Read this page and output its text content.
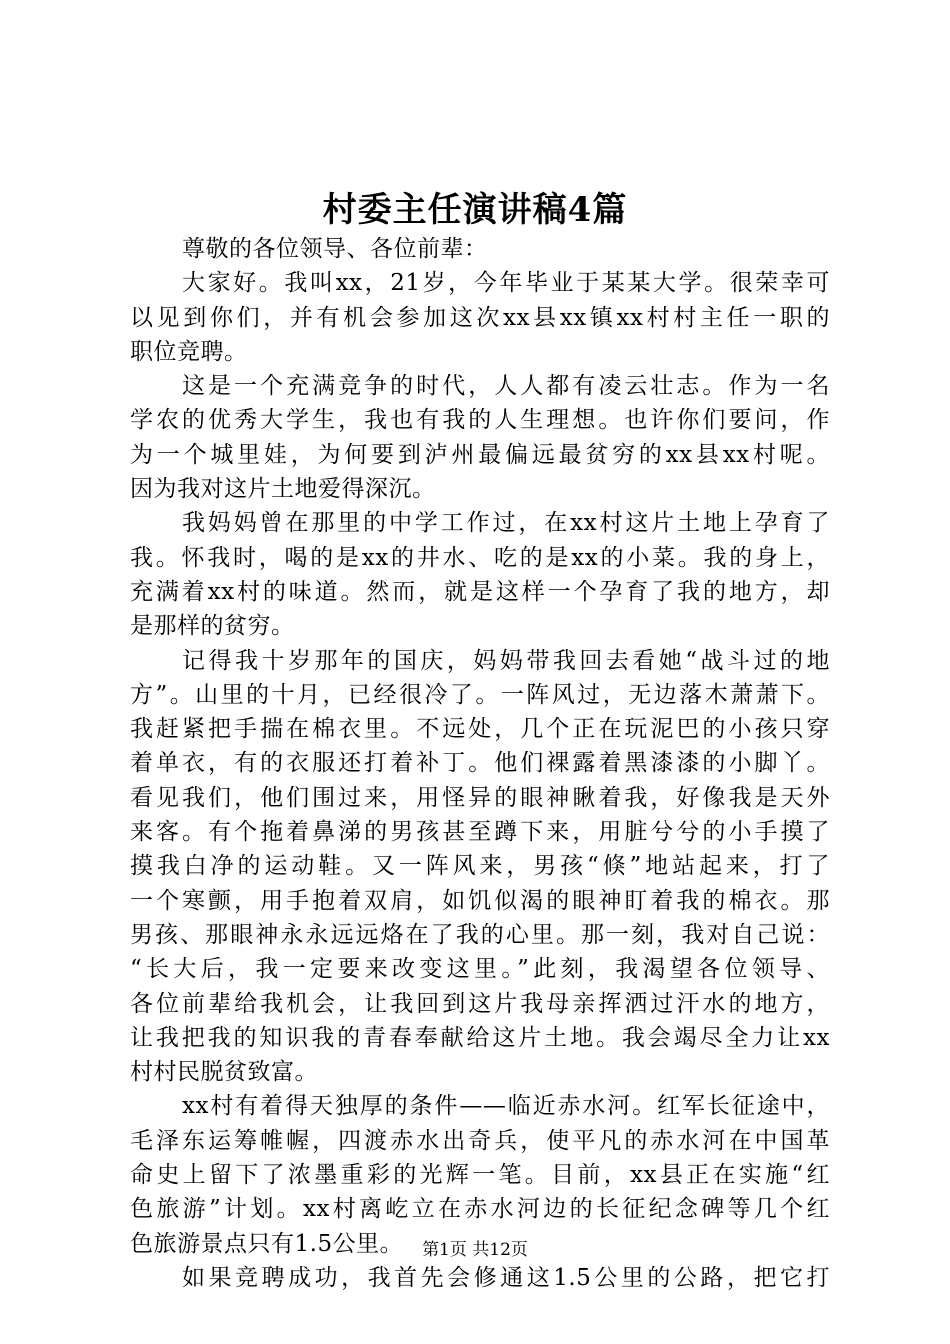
村委主任演讲稿4篇
尊敬的各位领导、各位前辈：
大家好。我叫xx，21岁，今年毕业于某某大学。很荣幸可
以见到你们，并有机会参加这次xx县xx镇xx村村主任一职的
职位竞聘。
这是一个充满竞争的时代，人人都有凌云壮志。作为一名
学农的优秀大学生，我也有我的人生理想。也许你们要问，作
为一个城里娃，为何要到泸州最偏远最贫穷的xx县xx村呢。
因为我对这片土地爱得深沉。
我妈妈曾在那里的中学工作过，在xx村这片土地上孕育了
我。怀我时，喝的是xx的井水、吃的是xx的小菜。我的身上，
充满着xx村的味道。然而，就是这样一个孕育了我的地方，却
是那样的贫穷。
记得我十岁那年的国庆，妈妈带我回去看她“战斗过的地
方”。山里的十月，已经很冷了。一阵风过，无边落木萧萧下。
我赶紧把手揣在棉衣里。不远处，几个正在玩泥巴的小孩只穿
着单衣，有的衣服还打着补丁。他们裸露着黑漆漆的小脚丫。
看见我们，他们围过来，用怪异的眼神瞅着我，好像我是天外
来客。有个拖着鼻涕的男孩甚至蹲下来，用脏兮兮的小手摸了
摸我白净的运动鞋。又一阵风来，男孩“倏”地站起来，打了
一个寒颤，用手抱着双肩，如饥似渴的眼神盯着我的棉衣。那
男孩、那眼神永永远远烙在了我的心里。那一刻，我对自己说：
“长大后，我一定要来改变这里。”此刻，我渴望各位领导、
各位前辈给我机会，让我回到这片我母亲挥洒过汗水的地方，
让我把我的知识我的青春奉献给这片土地。我会竭尽全力让xx
村村民脱贫致富。
xx村有着得天独厚的条件——临近赤水河。红军长征途中，
毛泽东运筹帷幄，四渡赤水出奇兵，使平凡的赤水河在中国革
命史上留下了浓墨重彩的光辉一笔。目前，xx县正在实施“红
色旅游”计划。xx村离屹立在赤水河边的长征纪念碑等几个红
色旅游景点只有1.5公里。
如果竞聘成功，我首先会修通这1.5公里的公路，把它打
第1页 共12页
